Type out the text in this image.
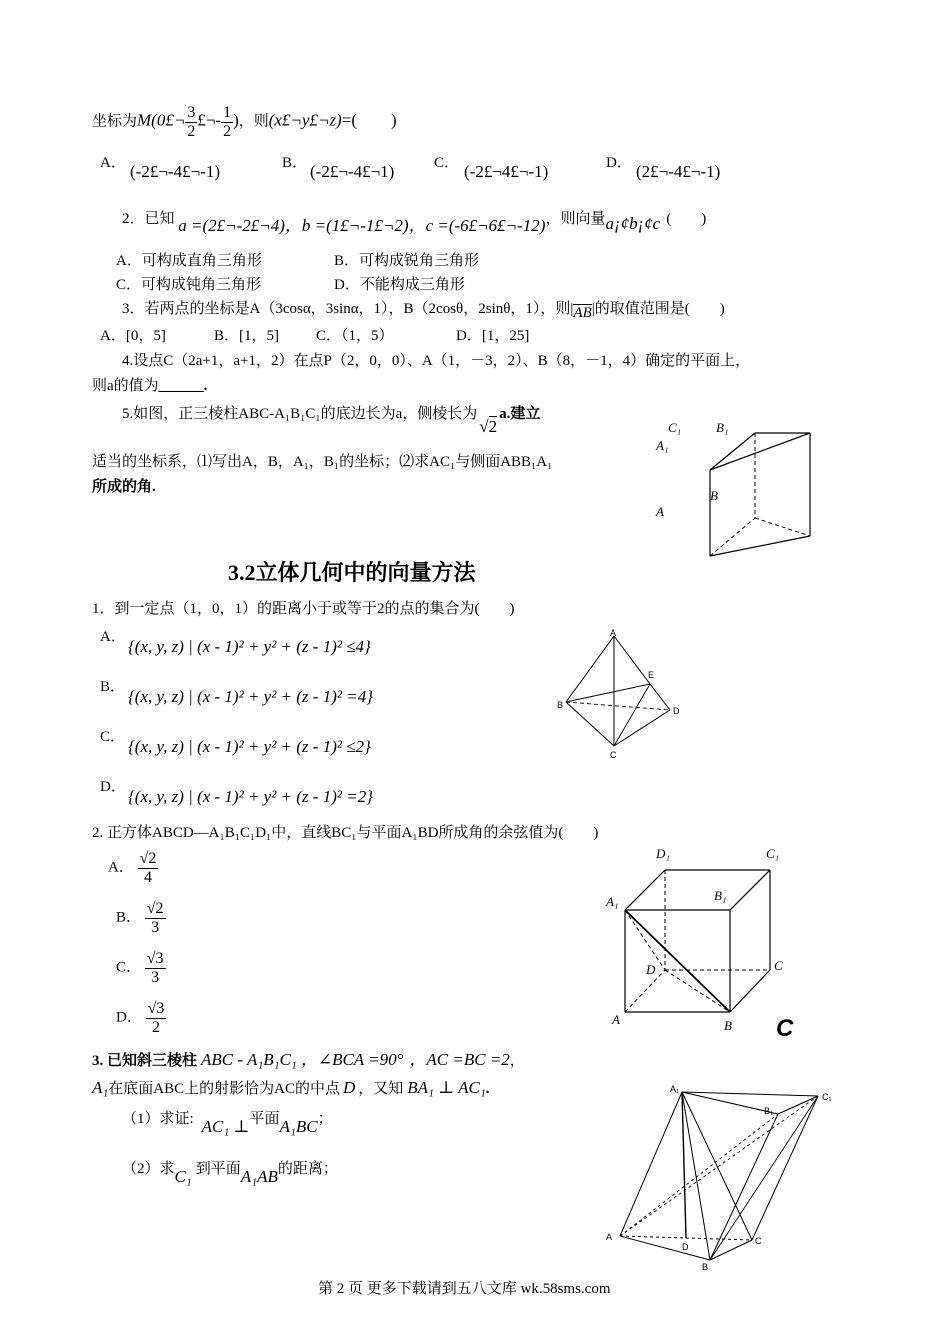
坐标为M(0£¬ $\frac{3}{2}$ £¬- $\frac{1}{2}$ )，则(x£¬y£¬z)=(　　)
A． (-2£¬-4£¬-1)	B． (-2£¬-4£¬1)	C． (-2£¬4£¬-1)	D． (2£¬-4£¬-1)
2．已知 a =(2£¬-2£¬4)，b =(1£¬-1£¬2)，c =(-6£¬6£¬-12)，则向量a¡¢b¡¢c (　　)
A．可构成直角三角形	B．可构成锐角三角形
C．可构成钝角三角形	D．不能构成三角形
3．若两点的坐标是A（3cosα，3sinα，1），B（2cosθ，2sinθ，1），则|AB|的取值范围是(　　)
A．[0，5]	B．[1，5] C．（1，5）	D．[1，25]
4.设点C（2a+1，a+1，2）在点P（2，0，0）、A（1，－3，2）、B（8，－1，4）确定的平面上，
则a的值为______.
5.如图，正三棱柱ABC-A₁B₁C₁的底边长为a，侧棱长为√2a.建立
适当的坐标系，⑴写出A，B，A₁，B₁的坐标；⑵求AC₁与侧面ABB₁A₁
所成的角.
C₁	B₁
A₁
B
A
3.2立体几何中的向量方法
1．到一定点（1，0，1）的距离小于或等于2的点的集合为(　　)
A． {(x, y, z) | (x - 1)² + y² + (z - 1)² ≤4}
B． {(x, y, z) | (x - 1)² + y² + (z - 1)² =4}
C． {(x, y, z) | (x - 1)² + y² + (z - 1)² ≤2}
D． {(x, y, z) | (x - 1)² + y² + (z - 1)² =2}
A
B
C
D
E
2. 正方体ABCD—A₁B₁C₁D₁中，直线BC₁与平面A₁BD所成角的余弦值为(　　)
A． $\frac{√2}{4}$
B． $\frac{√2}{3}$
C． $\frac{√3}{3}$
D． $\frac{√3}{2}$
D₁	C₁
B₁
A₁
D	C
A	B C
3. 已知斜三棱柱 ABC - A₁B₁C₁ ，∠BCA =90° ，AC =BC =2，
A₁在底面ABC上的射影恰为AC的中点 D ，又知 BA₁ ⊥ AC₁.
（1）求证: AC₁ ⊥平面A₁BC；
（2）求C₁ 到平面A₁AB的距离；
A₁
B₁
C₁
A
D
C
B
第 2 页 更多下载请到五八文库 wk.58sms.com
